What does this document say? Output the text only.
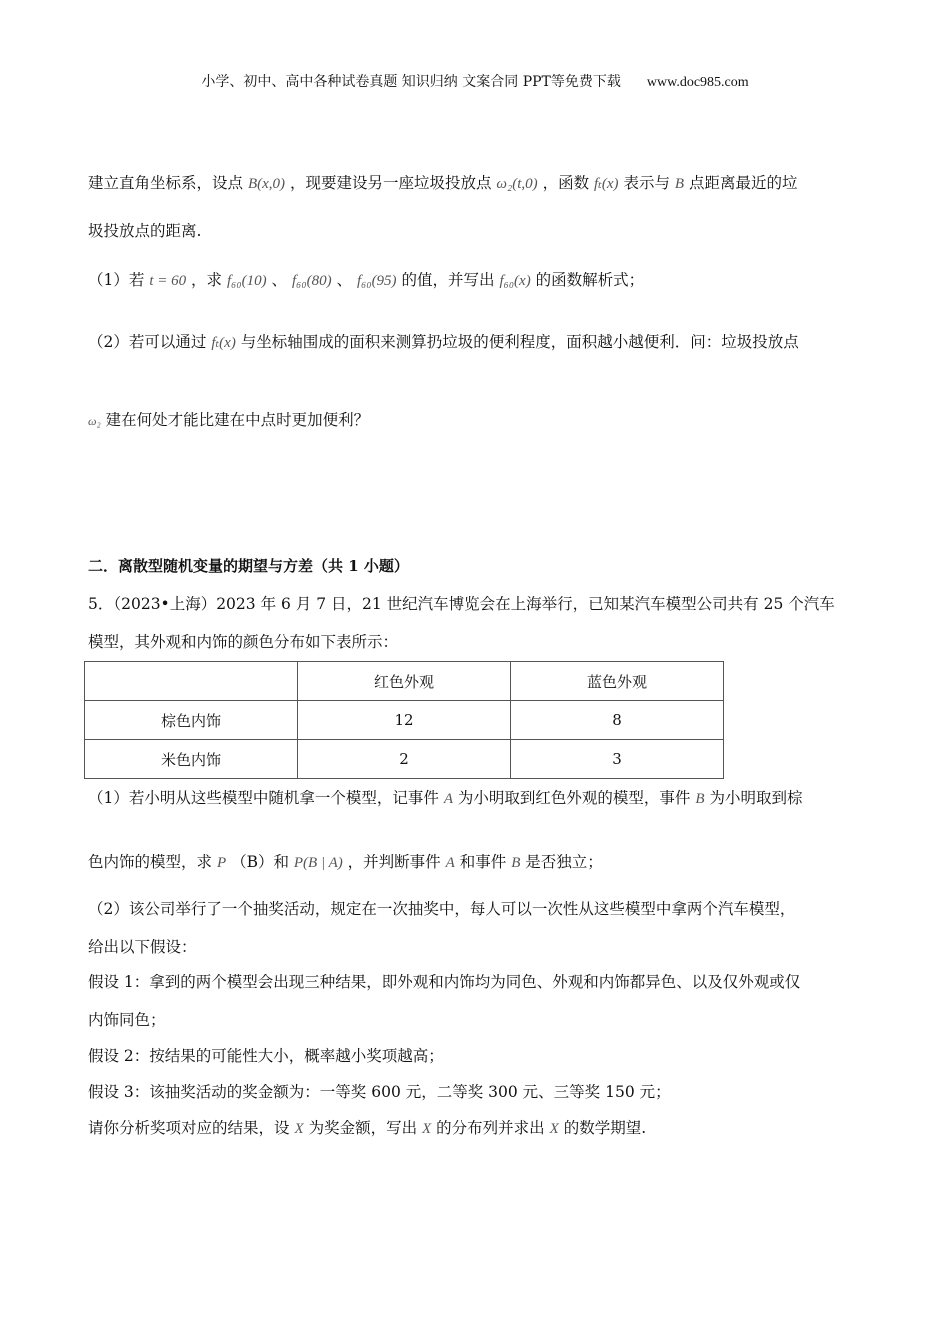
小学、初中、高中各种试卷真题 知识归纳 文案合同 PPT等免费下载 www.doc985.com
建立直角坐标系，设点 B(x,0) ，现要建设另一座垃圾投放点 ω₂(t,0) ，函数 fₜ(x) 表示与 B 点距离最近的垃
圾投放点的距离.
（1）若 t = 60 ，求 f₆₀(10) 、 f₆₀(80) 、 f₆₀(95) 的值，并写出 f₆₀(x) 的函数解析式；
（2）若可以通过 fₜ(x) 与坐标轴围成的面积来测算扔垃圾的便利程度，面积越小越便利．问：垃圾投放点
ω₂ 建在何处才能比建在中点时更加便利？
二．离散型随机变量的期望与方差（共 1 小题）
5．（2023•上海）2023 年 6 月 7 日，21 世纪汽车博览会在上海举行，已知某汽车模型公司共有 25 个汽车
模型，其外观和内饰的颜色分布如下表所示：
	红色外观	蓝色外观
棕色内饰	12	8
米色内饰	2	3
（1）若小明从这些模型中随机拿一个模型，记事件 A 为小明取到红色外观的模型，事件 B 为小明取到棕
色内饰的模型，求 P （B）和 P(B | A) ，并判断事件 A 和事件 B 是否独立；
（2）该公司举行了一个抽奖活动，规定在一次抽奖中，每人可以一次性从这些模型中拿两个汽车模型，
给出以下假设：
假设 1：拿到的两个模型会出现三种结果，即外观和内饰均为同色、外观和内饰都异色、以及仅外观或仅
内饰同色；
假设 2：按结果的可能性大小，概率越小奖项越高；
假设 3：该抽奖活动的奖金额为：一等奖 600 元，二等奖 300 元、三等奖 150 元；
请你分析奖项对应的结果，设 X 为奖金额，写出 X 的分布列并求出 X 的数学期望.
